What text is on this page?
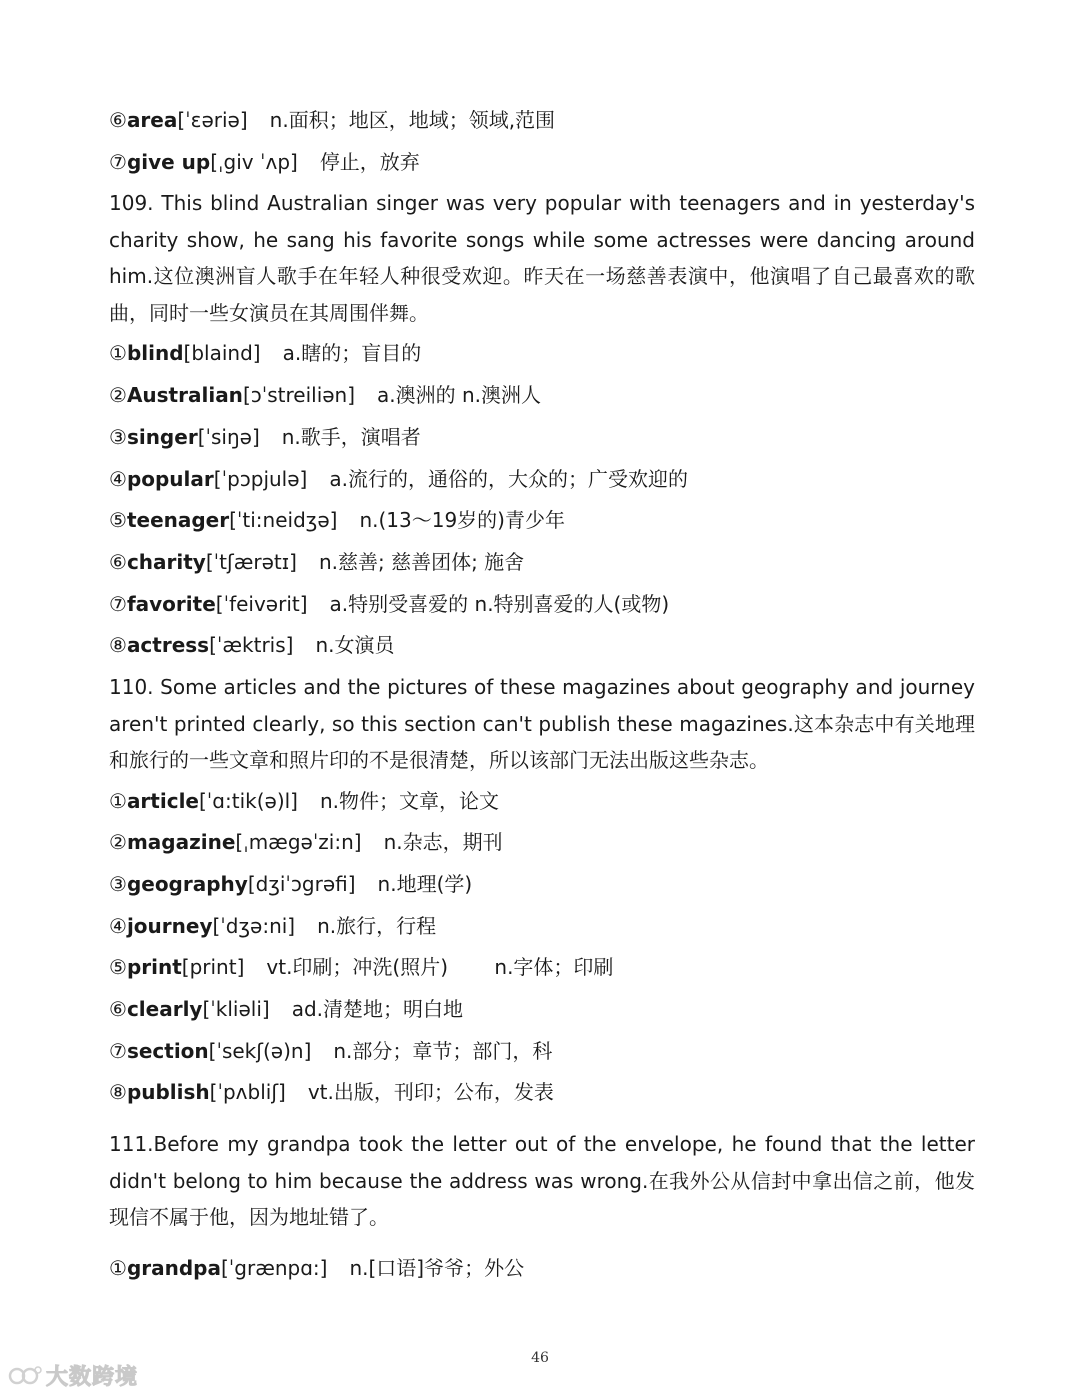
⑥area[ˈɛəriə] n.面积；地区，地域；领域,范围
⑦give up[ˌgiv ˈʌp] 停止，放弃

109. This blind Australian singer was very popular with teenagers and in yesterday's charity show, he sang his favorite songs while some actresses were dancing around him.这位澳洲盲人歌手在年轻人种很受欢迎。昨天在一场慈善表演中，他演唱了自己最喜欢的歌曲，同时一些女演员在其周围伴舞。

①blind[blaind] a.瞎的；盲目的
②Australian[ɔˈstreiliən] a.澳洲的 n.澳洲人
③singer[ˈsiŋə] n.歌手，演唱者
④popular[ˈpɔpjulə] a.流行的，通俗的，大众的；广受欢迎的
⑤teenager[ˈti:neidʒə] n.(13～19岁的)青少年
⑥charity[ˈtʃærətɪ] n.慈善; 慈善团体; 施舍
⑦favorite[ˈfeivərit] a.特别受喜爱的 n.特别喜爱的人(或物)
⑧actress[ˈæktris] n.女演员

110. Some articles and the pictures of these magazines about geography and journey aren't printed clearly, so this section can't publish these magazines.这本杂志中有关地理和旅行的一些文章和照片印的不是很清楚，所以该部门无法出版这些杂志。

①article[ˈɑ:tik(ə)l] n.物件；文章，论文
②magazine[ˌmægəˈzi:n] n.杂志，期刊
③geography[dʒiˈɔgrəfi] n.地理(学)
④journey[ˈdʒə:ni] n.旅行，行程
⑤print[print] vt.印刷；冲洗(照片)   n.字体；印刷
⑥clearly[ˈkliəli] ad.清楚地；明白地
⑦section[ˈsekʃ(ə)n] n.部分；章节；部门，科
⑧publish[ˈpʌbliʃ] vt.出版，刊印；公布，发表

111.Before my grandpa took the letter out of the envelope, he found that the letter didn't belong to him because the address was wrong.在我外公从信封中拿出信之前，他发现信不属于他，因为地址错了。

①grandpa[ˈgrænpɑ:] n.[口语]爷爷；外公
46
大数跨境
